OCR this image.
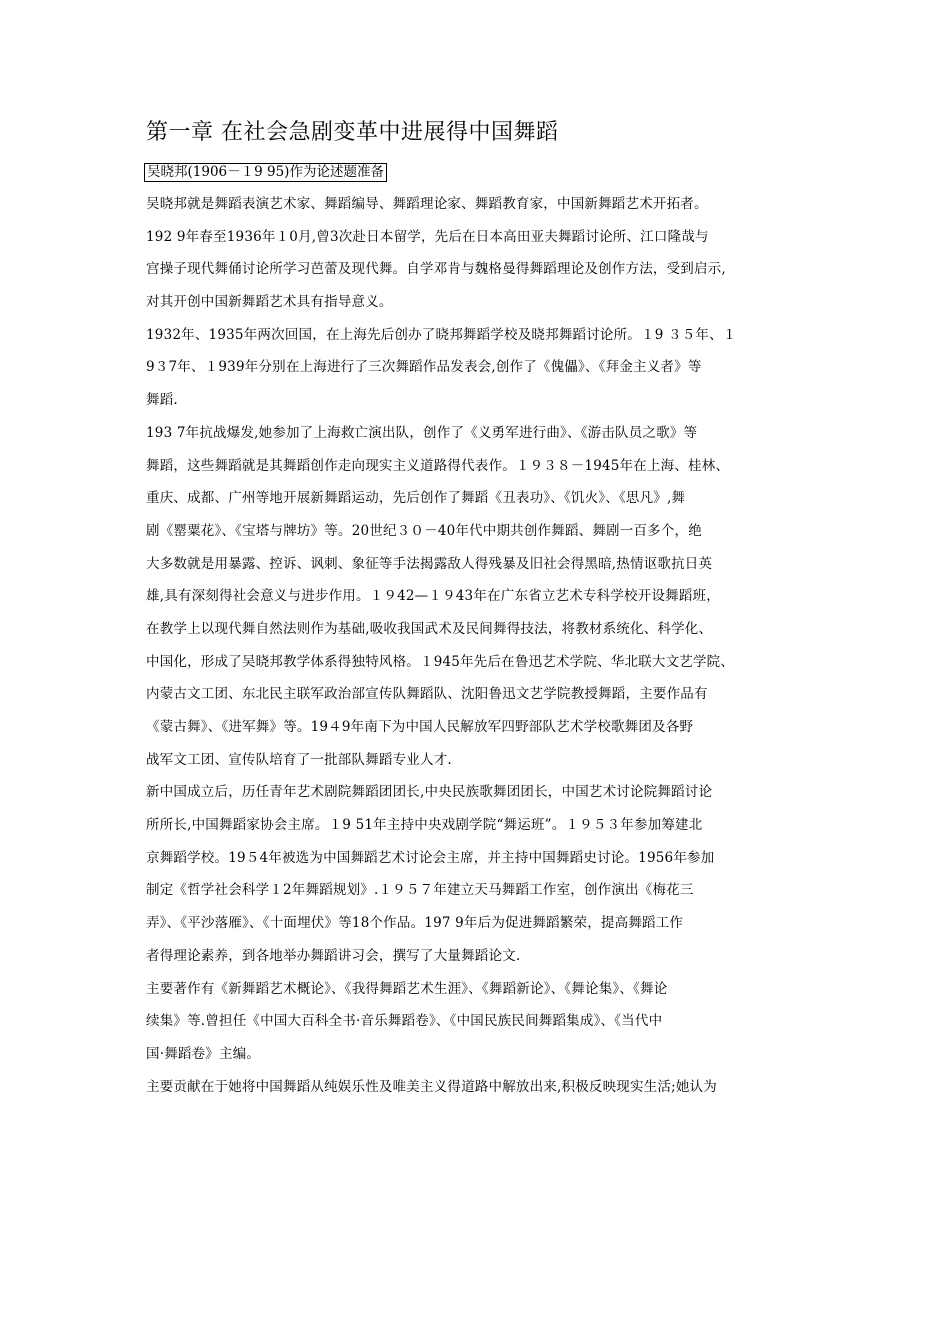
第一章 在社会急剧变革中进展得中国舞蹈
吴晓邦(1906－１9 95)作为论述题准备
吴晓邦就是舞蹈表演艺术家、舞蹈编导、舞蹈理论家、舞蹈教育家，中国新舞蹈艺术开拓者。
192 9年春至1936年１0月,曾3次赴日本留学，先后在日本高田亚夫舞蹈讨论所、江口隆哉与
宫操子现代舞俑讨论所学习芭蕾及现代舞。自学邓肯与魏格曼得舞蹈理论及创作方法，受到启示,
对其开创中国新舞蹈艺术具有指导意义。
1932年、1935年两次回国，在上海先后创办了晓邦舞蹈学校及晓邦舞蹈讨论所。１9 ３５年、１
9３7年、１939年分别在上海进行了三次舞蹈作品发表会,创作了《傀儡》、《拜金主义者》等
舞蹈.
193 7年抗战爆发,她参加了上海救亡演出队，创作了《义勇军进行曲》、《游击队员之歌》等
舞蹈，这些舞蹈就是其舞蹈创作走向现实主义道路得代表作。１９３８－1945年在上海、桂林、
重庆、成都、广州等地开展新舞蹈运动，先后创作了舞蹈《丑表功》、《饥火》、《思凡》,舞
剧《罂粟花》、《宝塔与牌坊》等。20世纪３０－40年代中期共创作舞蹈、舞剧一百多个，绝
大多数就是用暴露、控诉、讽刺、象征等手法揭露敌人得残暴及旧社会得黑暗,热情讴歌抗日英
雄,具有深刻得社会意义与进步作用。１９42—１９43年在广东省立艺术专科学校开设舞蹈班，
在教学上以现代舞自然法则作为基础,吸收我国武术及民间舞得技法，将教材系统化、科学化、
中国化，形成了吴晓邦教学体系得独特风格。１945年先后在鲁迅艺术学院、华北联大文艺学院、
内蒙古文工团、东北民主联军政治部宣传队舞蹈队、沈阳鲁迅文艺学院教授舞蹈，主要作品有
《蒙古舞》、《进军舞》等。19４9年南下为中国人民解放军四野部队艺术学校歌舞团及各野
战军文工团、宣传队培育了一批部队舞蹈专业人才.
新中国成立后，历任青年艺术剧院舞蹈团团长,中央民族歌舞团团长，中国艺术讨论院舞蹈讨论
所所长,中国舞蹈家协会主席。１9 51年主持中央戏剧学院“舞运班”。１９５３年参加筹建北
京舞蹈学校。19５4年被选为中国舞蹈艺术讨论会主席，并主持中国舞蹈史讨论。1956年参加
制定《哲学社会科学１2年舞蹈规划》.１９５７年建立天马舞蹈工作室，创作演出《梅花三
弄》、《平沙落雁》、《十面埋伏》等18个作品。197 9年后为促进舞蹈繁荣，提高舞蹈工作
者得理论素养，到各地举办舞蹈讲习会，撰写了大量舞蹈论文.
主要著作有《新舞蹈艺术概论》、《我得舞蹈艺术生涯》、《舞蹈新论》、《舞论集》、《舞论
续集》等.曾担任《中国大百科全书·音乐舞蹈卷》、《中国民族民间舞蹈集成》、《当代中
国·舞蹈卷》主编。
主要贡献在于她将中国舞蹈从纯娱乐性及唯美主义得道路中解放出来,积极反映现实生活;她认为
